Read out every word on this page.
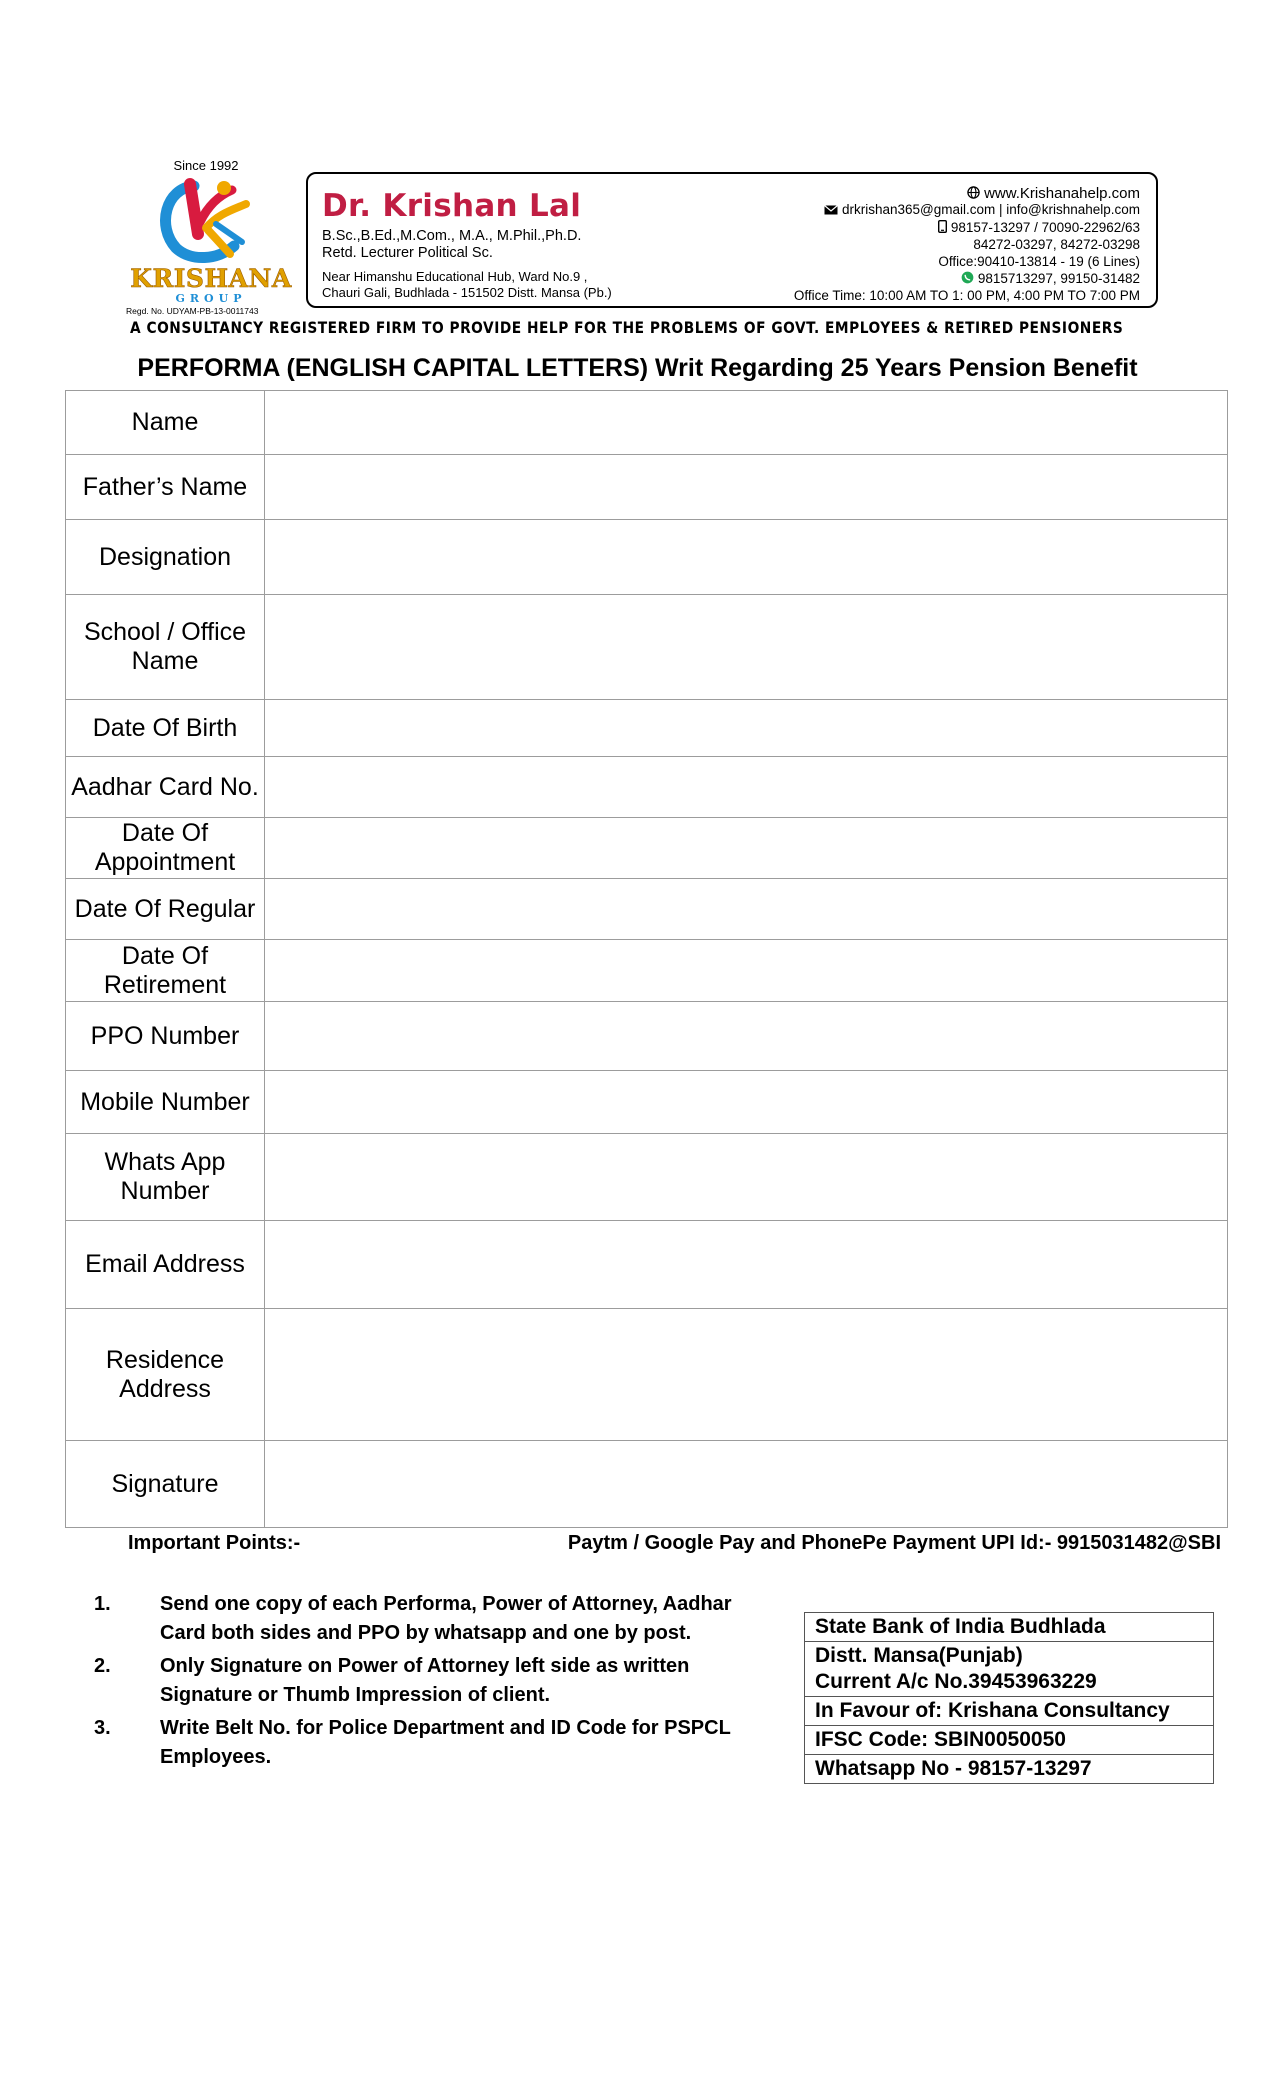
Since 1992
KRISHANA
GROUP
Regd. No. UDYAM-PB-13-0011743
Dr. Krishan Lal
B.Sc.,B.Ed.,M.Com., M.A., M.Phil.,Ph.D.
Retd. Lecturer Political Sc.
Near Himanshu Educational Hub, Ward No.9 ,
Chauri Gali, Budhlada - 151502 Distt. Mansa (Pb.)
www.Krishanahelp.com
drkrishan365@gmail.com | info@krishnahelp.com
98157-13297 / 70090-22962/63
84272-03297, 84272-03298
Office:90410-13814 - 19 (6 Lines)
9815713297, 99150-31482
Office Time: 10:00 AM TO 1: 00 PM, 4:00 PM TO 7:00 PM
A CONSULTANCY REGISTERED FIRM TO PROVIDE HELP FOR THE PROBLEMS OF GOVT. EMPLOYEES & RETIRED PENSIONERS
PERFORMA (ENGLISH CAPITAL LETTERS) Writ Regarding 25 Years Pension Benefit
Name	
Father’s Name	
Designation	
School / Office Name	
Date Of Birth	
Aadhar Card No.	
Date Of Appointment	
Date Of Regular	
Date Of Retirement	
PPO Number	
Mobile Number	
Whats App Number	
Email Address	
Residence Address	
Signature	
Important Points:-	Paytm / Google Pay and PhonePe Payment UPI Id:- 9915031482@SBI
1. Send one copy of each Performa, Power of Attorney, Aadhar Card both sides and PPO by whatsapp and one by post.
2. Only Signature on Power of Attorney left side as written Signature or Thumb Impression of client.
3. Write Belt No. for Police Department and ID Code for PSPCL Employees.
State Bank of India Budhlada

Distt. Mansa(Punjab)
Current A/c No.39453963229

In Favour of: Krishana Consultancy
IFSC Code: SBIN0050050
Whatsapp No - 98157-13297
